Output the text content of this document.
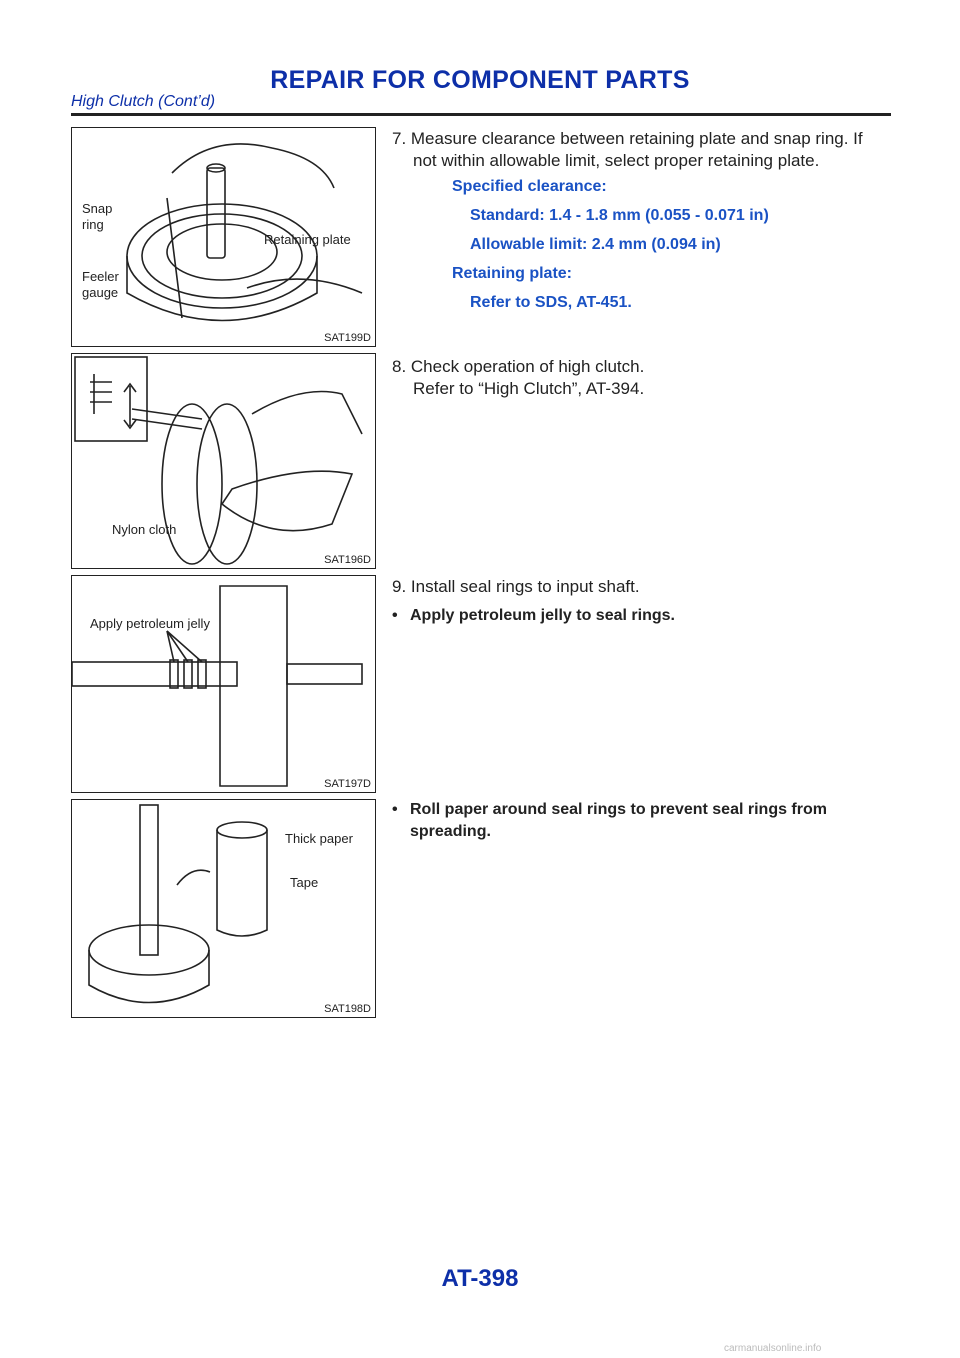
REPAIR FOR COMPONENT PARTS
High Clutch (Cont’d)
Snap
ring
Retaining plate
Feeler
gauge
SAT199D
Nylon cloth
SAT196D
Apply petroleum jelly
SAT197D
Thick paper
Tape
SAT198D
7. Measure clearance between retaining plate and snap ring. If
not within allowable limit, select proper retaining plate.
Specified clearance:
Standard: 1.4 - 1.8 mm (0.055 - 0.071 in)
Allowable limit: 2.4 mm (0.094 in)
Retaining plate:
Refer to SDS, AT-451.
8. Check operation of high clutch.
Refer to “High Clutch”, AT-394.
9. Install seal rings to input shaft.
• Apply petroleum jelly to seal rings.
• Roll paper around seal rings to prevent seal rings from
spreading.
AT-398
carmanualsonline.info
